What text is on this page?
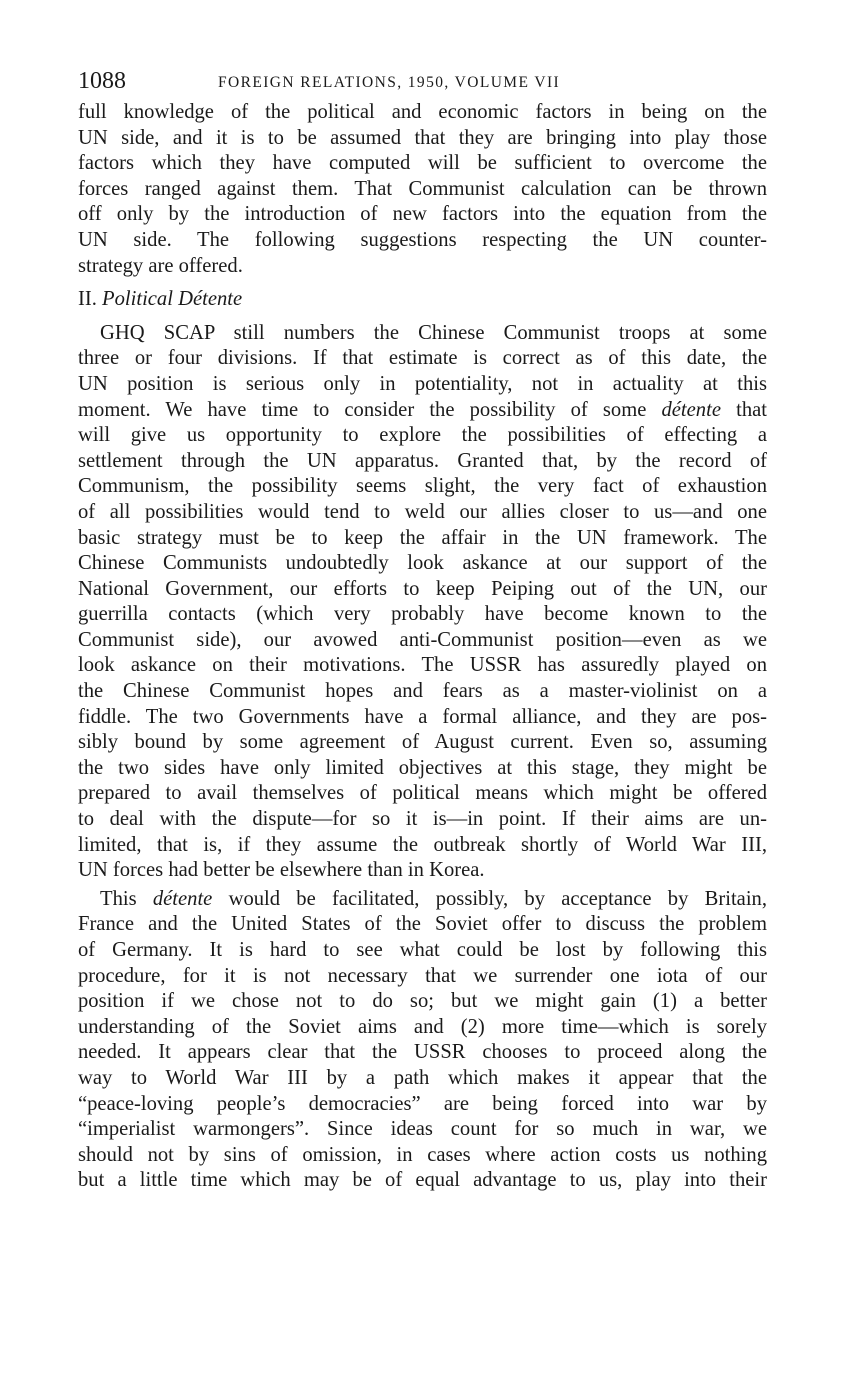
1088	FOREIGN RELATIONS, 1950, VOLUME VII
full knowledge of the political and economic factors in being on the
UN side, and it is to be assumed that they are bringing into play those
factors which they have computed will be sufficient to overcome the
forces ranged against them. That Communist calculation can be thrown
off only by the introduction of new factors into the equation from the
UN side. The following suggestions respecting the UN counter-
strategy are offered.
II. Political Détente
GHQ SCAP still numbers the Chinese Communist troops at some
three or four divisions. If that estimate is correct as of this date, the
UN position is serious only in potentiality, not in actuality at this
moment. We have time to consider the possibility of some détente that
will give us opportunity to explore the possibilities of effecting a
settlement through the UN apparatus. Granted that, by the record of
Communism, the possibility seems slight, the very fact of exhaustion
of all possibilities would tend to weld our allies closer to us—and one
basic strategy must be to keep the affair in the UN framework. The
Chinese Communists undoubtedly look askance at our support of the
National Government, our efforts to keep Peiping out of the UN, our
guerrilla contacts (which very probably have become known to the
Communist side), our avowed anti-Communist position—even as we
look askance on their motivations. The USSR has assuredly played on
the Chinese Communist hopes and fears as a master-violinist on a
fiddle. The two Governments have a formal alliance, and they are pos-
sibly bound by some agreement of August current. Even so, assuming
the two sides have only limited objectives at this stage, they might be
prepared to avail themselves of political means which might be offered
to deal with the dispute—for so it is—in point. If their aims are un-
limited, that is, if they assume the outbreak shortly of World War III,
UN forces had better be elsewhere than in Korea.
This détente would be facilitated, possibly, by acceptance by Britain,
France and the United States of the Soviet offer to discuss the problem
of Germany. It is hard to see what could be lost by following this
procedure, for it is not necessary that we surrender one iota of our
position if we chose not to do so; but we might gain (1) a better
understanding of the Soviet aims and (2) more time—which is sorely
needed. It appears clear that the USSR chooses to proceed along the
way to World War III by a path which makes it appear that the
“peace-loving people’s democracies” are being forced into war by
“imperialist warmongers”. Since ideas count for so much in war, we
should not by sins of omission, in cases where action costs us nothing
but a little time which may be of equal advantage to us, play into their
